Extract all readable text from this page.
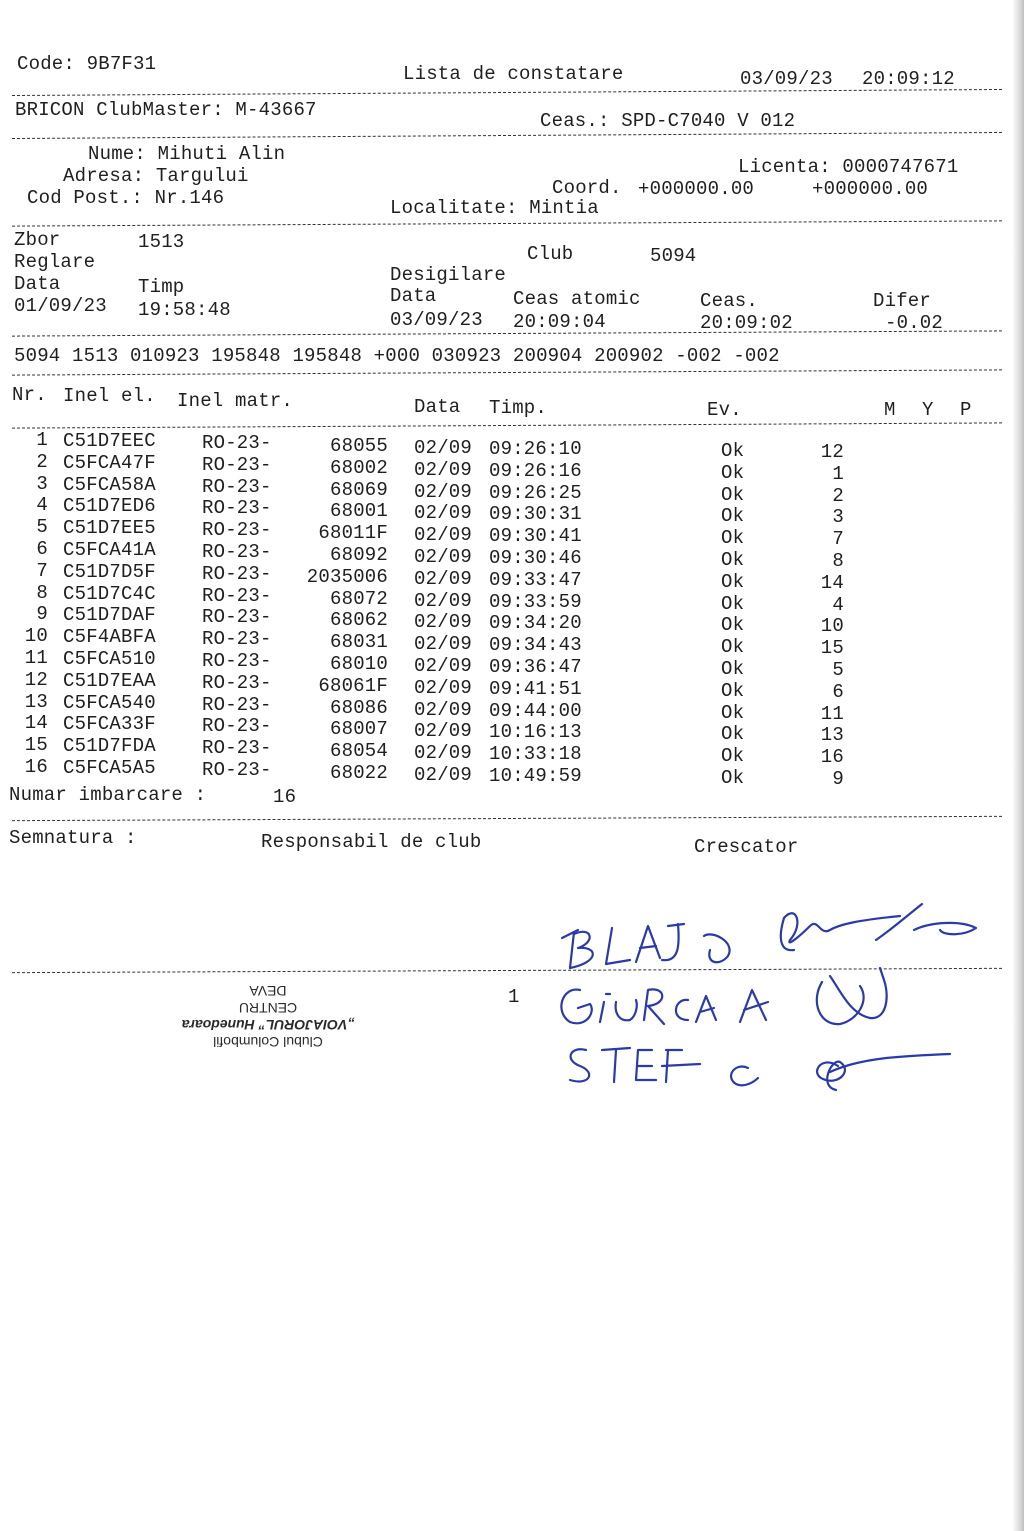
Code: 9B7F31	Lista de constatare	03/09/23 20:09:12
BRICON ClubMaster: M-43667	Ceas.: SPD-C7040 V 012
Nume: Mihuti Alin
Adresa: Targului
Cod Post.: Nr.146
Licenta: 0000747671
Coord. +000000.00	+000000.00
Localitate: Mintia
Zbor	1513
Reglare
Data	Timp
01/09/23 19:58:48
Club	5094
Desigilare
Data	Ceas atomic	Ceas.	Difer
03/09/23 20:09:04	20:09:02	-0.02
5094 1513 010923 195848 195848 +000 030923 200904 200902 -002 -002
Nr. Inel el. Inel matr.	Data Timp.	Ev.	M Y P
1 C51D7EEC RO-23-	68055 02/09 09:26:10	Ok	12
2 C5FCA47F RO-23-	68002 02/09 09:26:16	Ok	1
3 C5FCA58A RO-23-	68069 02/09 09:26:25	Ok	2
4 C51D7ED6 RO-23-	68001 02/09 09:30:31	Ok	3
5 C51D7EE5 RO-23-	68011F 02/09 09:30:41	Ok	7
6 C5FCA41A RO-23-	68092 02/09 09:30:46	Ok	8
7 C51D7D5F RO-23-	2035006 02/09 09:33:47	Ok	14
8 C51D7C4C RO-23-	68072 02/09 09:33:59	Ok	4
9 C51D7DAF RO-23-	68062 02/09 09:34:20	Ok	10
10 C5F4ABFA RO-23-	68031 02/09 09:34:43	Ok	15
11 C5FCA510 RO-23-	68010 02/09 09:36:47	Ok	5
12 C51D7EAA RO-23-	68061F 02/09 09:41:51	Ok	6
13 C5FCA540 RO-23-	68086 02/09 09:44:00	Ok	11
14 C5FCA33F RO-23-	68007 02/09 10:16:13	Ok	13
15 C51D7FDA RO-23-	68054 02/09 10:33:18	Ok	16
16 C5FCA5A5 RO-23-	68022 02/09 10:49:59	Ok	9
Numar imbarcare :	16
Semnatura :	Responsabil de club	Crescator
1
Clubul Columbofil
„VOIAJORUL” Hunedoara
CENTRU
DEVA
